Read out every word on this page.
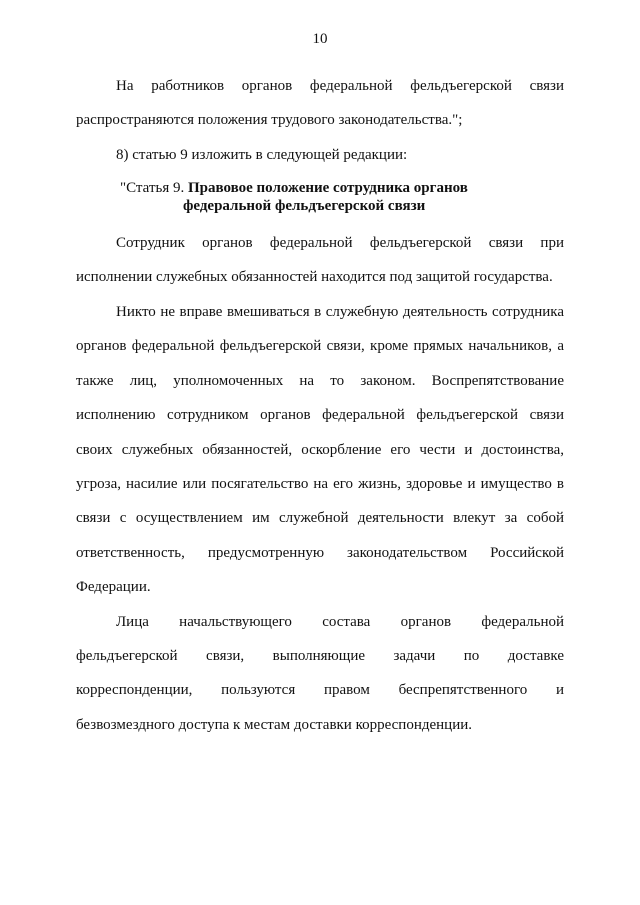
10
На работников органов федеральной фельдъегерской связи
распространяются положения трудового законодательства.";
8) статью 9 изложить в следующей редакции:
"Статья 9. Правовое положение сотрудника органов
федеральной фельдъегерской связи
Сотрудник органов федеральной фельдъегерской связи при
исполнении служебных обязанностей находится под защитой государства.
Никто не вправе вмешиваться в служебную деятельность сотрудника
органов федеральной фельдъегерской связи, кроме прямых начальников, а
также лиц, уполномоченных на то законом. Воспрепятствование
исполнению сотрудником органов федеральной фельдъегерской связи
своих служебных обязанностей, оскорбление его чести и достоинства,
угроза, насилие или посягательство на его жизнь, здоровье и имущество в
связи с осуществлением им служебной деятельности влекут за собой
ответственность, предусмотренную законодательством Российской
Федерации.
Лица начальствующего состава органов федеральной
фельдъегерской связи, выполняющие задачи по доставке
корреспонденции, пользуются правом беспрепятственного и
безвозмездного доступа к местам доставки корреспонденции.
